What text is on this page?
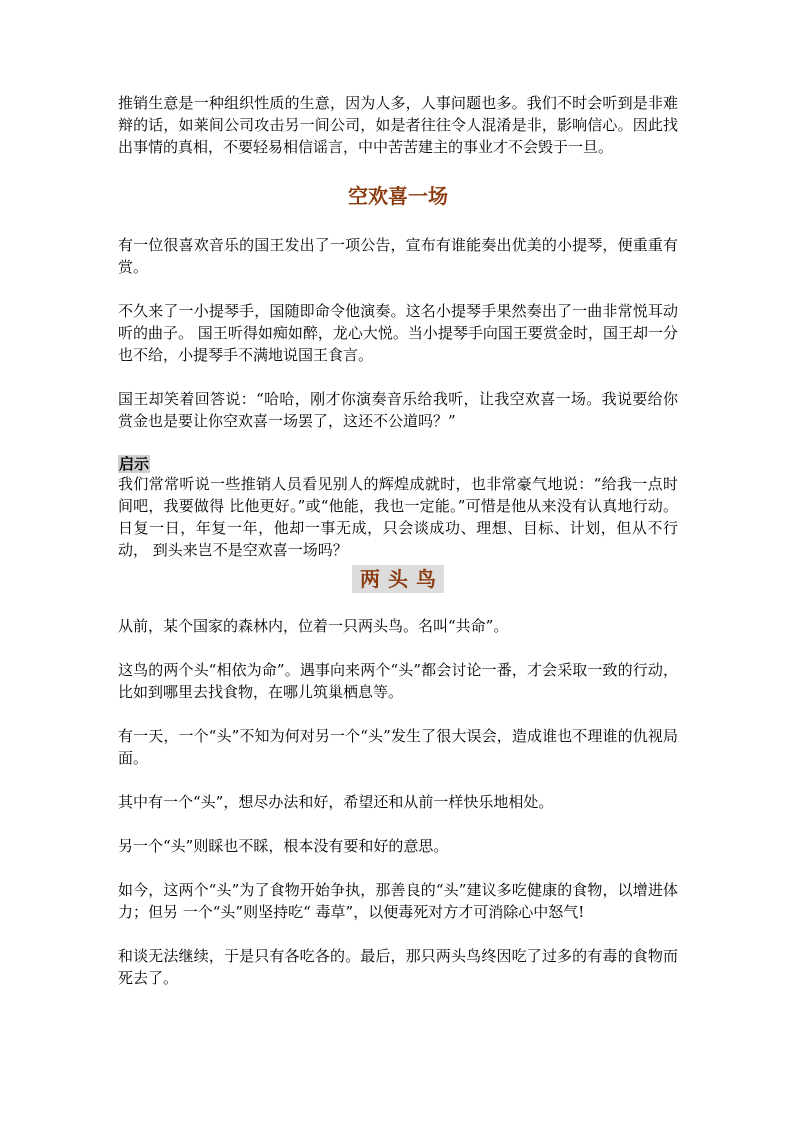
推销生意是一种组织性质的生意，因为人多，人事问题也多。我们不时会听到是非难辩的话，如莱间公司攻击另一间公司，如是者往往令人混淆是非，影响信心。因此找出事情的真相，不要轻易相信谣言，中中苦苦建主的事业才不会毁于一旦。

空欢喜一场

有一位很喜欢音乐的国王发出了一项公告，宣布有谁能奏出优美的小提琴，便重重有赏。

不久来了一小提琴手，国随即命令他演奏。这名小提琴手果然奏出了一曲非常悦耳动听的曲子。 国王听得如痴如醉，龙心大悦。当小提琴手向国王要赏金时，国王却一分也不给，小提琴手不满地说国王食言。

国王却笑着回答说：“哈哈，刚才你演奏音乐给我听，让我空欢喜一场。我说要给你赏金也是要让你空欢喜一场罢了，这还不公道吗？”

启示

我们常常听说一些推销人员看见别人的辉煌成就时，也非常豪气地说：“给我一点时间吧，我要做得 比他更好。”或“他能，我也一定能。”可惜是他从来没有认真地行动。日复一日，年复一年，他却一事无成，只会谈成功、理想、目标、计划，但从不行动， 到头来岂不是空欢喜一场吗？

两头鸟

从前，某个国家的森林内，位着一只两头鸟。名叫“共命”。

这鸟的两个头“相依为命”。遇事向来两个“头”都会讨论一番，才会采取一致的行动，比如到哪里去找食物，在哪儿筑巢栖息等。

有一天，一个“头”不知为何对另一个“头”发生了很大误会，造成谁也不理谁的仇视局面。

其中有一个“头”，想尽办法和好，希望还和从前一样快乐地相处。

另一个“头”则睬也不睬，根本没有要和好的意思。

如今，这两个“头”为了食物开始争执，那善良的“头”建议多吃健康的食物，以增进体力；但另 一个“头”则坚持吃“ 毒草”，以便毒死对方才可消除心中怒气!

和谈无法继续，于是只有各吃各的。最后，那只两头鸟终因吃了过多的有毒的食物而死去了。
